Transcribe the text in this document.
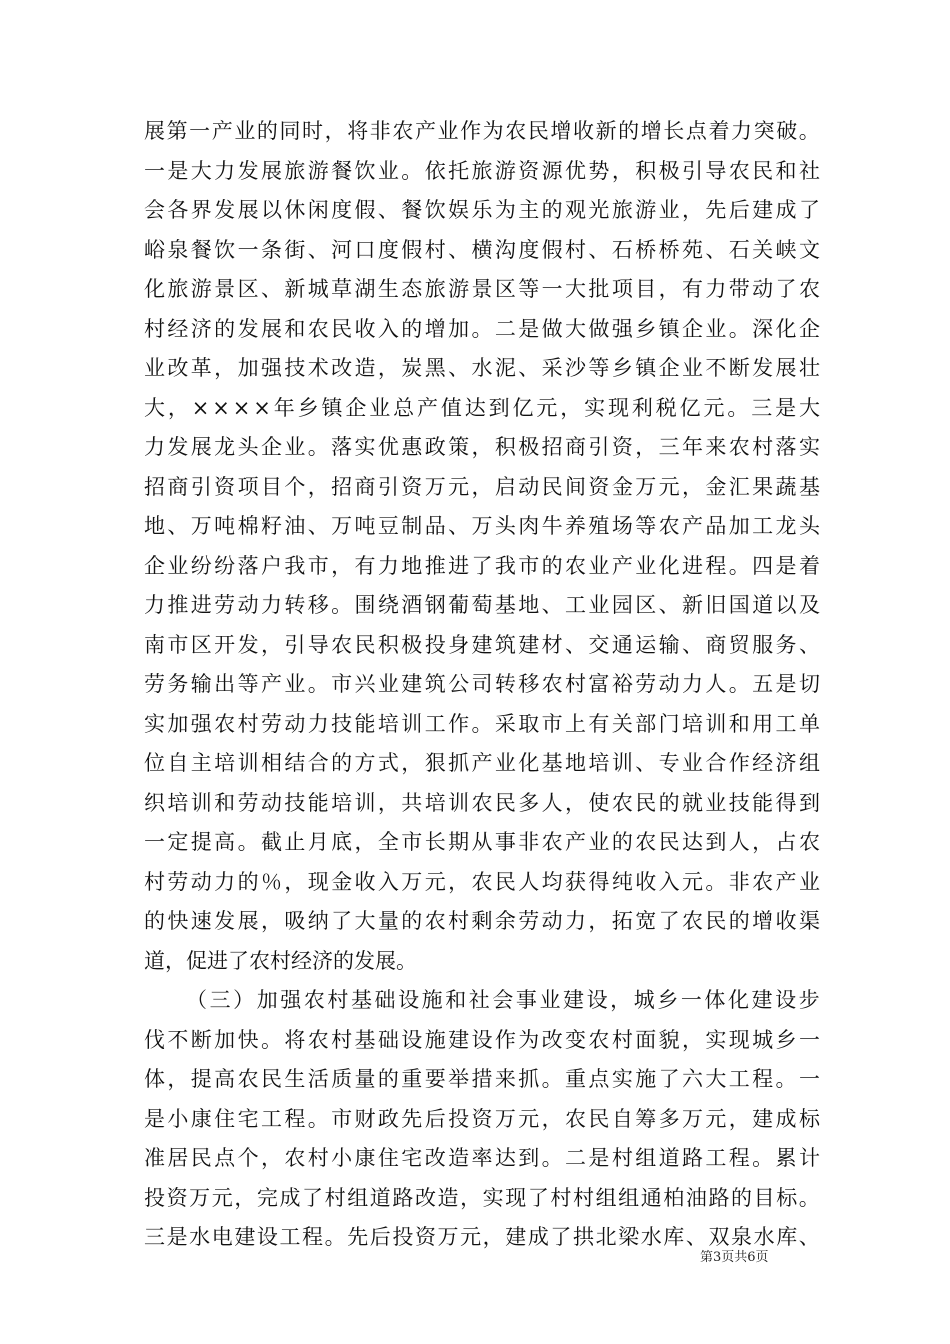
展 第 一 产 业 的 同 时 ， 将 非 农 产 业 作 为 农 民 增 收 新 的 增 长 点 着 力 突 破 。
一 是 大 力 发 展 旅 游 餐 饮 业 。 依 托 旅 游 资 源 优 势 ， 积 极 引 导 农 民 和 社
会 各 界 发 展 以 休 闲 度 假 、 餐 饮 娱 乐 为 主 的 观 光 旅 游 业 ， 先 后 建 成 了
峪 泉 餐 饮 一 条 街 、 河 口 度 假 村 、 横 沟 度 假 村 、 石 桥 桥 苑 、 石 关 峡 文
化 旅 游 景 区 、 新 城 草 湖 生 态 旅 游 景 区 等 一 大 批 项 目 ， 有 力 带 动 了 农
村 经 济 的 发 展 和 农 民 收 入 的 增 加 。 二 是 做 大 做 强 乡 镇 企 业 。 深 化 企
业 改 革 ， 加 强 技 术 改 造 ， 炭 黑 、 水 泥 、 采 沙 等 乡 镇 企 业 不 断 发 展 壮
大 ， × × × × 年 乡 镇 企 业 总 产 值 达 到 亿 元 ， 实 现 利 税 亿 元 。 三 是 大
力 发 展 龙 头 企 业 。 落 实 优 惠 政 策 ， 积 极 招 商 引 资 ， 三 年 来 农 村 落 实
招 商 引 资 项 目 个 ， 招 商 引 资 万 元 ， 启 动 民 间 资 金 万 元 ， 金 汇 果 蔬 基
地 、 万 吨 棉 籽 油 、 万 吨 豆 制 品 、 万 头 肉 牛 养 殖 场 等 农 产 品 加 工 龙 头
企 业 纷 纷 落 户 我 市 ， 有 力 地 推 进 了 我 市 的 农 业 产 业 化 进 程 。 四 是 着
力 推 进 劳 动 力 转 移 。 围 绕 酒 钢 葡 萄 基 地 、 工 业 园 区 、 新 旧 国 道 以 及
南 市 区 开 发 ， 引 导 农 民 积 极 投 身 建 筑 建 材 、 交 通 运 输 、 商 贸 服 务 、
劳 务 输 出 等 产 业 。 市 兴 业 建 筑 公 司 转 移 农 村 富 裕 劳 动 力 人 。 五 是 切
实 加 强 农 村 劳 动 力 技 能 培 训 工 作 。 采 取 市 上 有 关 部 门 培 训 和 用 工 单
位 自 主 培 训 相 结 合 的 方 式 ， 狠 抓 产 业 化 基 地 培 训 、 专 业 合 作 经 济 组
织 培 训 和 劳 动 技 能 培 训 ， 共 培 训 农 民 多 人 ， 使 农 民 的 就 业 技 能 得 到
一 定 提 高 。 截 止 月 底 ， 全 市 长 期 从 事 非 农 产 业 的 农 民 达 到 人 ， 占 农
村 劳 动 力 的 ％ ， 现 金 收 入 万 元 ， 农 民 人 均 获 得 纯 收 入 元 。 非 农 产 业
的 快 速 发 展 ， 吸 纳 了 大 量 的 农 村 剩 余 劳 动 力 ， 拓 宽 了 农 民 的 增 收 渠
道，促进了农村经济的发展。
（ 三 ） 加 强 农 村 基 础 设 施 和 社 会 事 业 建 设 ， 城 乡 一 体 化 建 设 步
伐 不 断 加 快 。 将 农 村 基 础 设 施 建 设 作 为 改 变 农 村 面 貌 ， 实 现 城 乡 一
体 ， 提 高 农 民 生 活 质 量 的 重 要 举 措 来 抓 。 重 点 实 施 了 六 大 工 程 。 一
是 小 康 住 宅 工 程 。 市 财 政 先 后 投 资 万 元 ， 农 民 自 筹 多 万 元 ， 建 成 标
准 居 民 点 个 ， 农 村 小 康 住 宅 改 造 率 达 到 。 二 是 村 组 道 路 工 程 。 累 计
投 资 万 元 ， 完 成 了 村 组 道 路 改 造 ， 实 现 了 村 村 组 组 通 柏 油 路 的 目 标 。
三 是 水 电 建 设 工 程 。 先 后 投 资 万 元 ， 建 成 了 拱 北 梁 水 库 、 双 泉 水 库 、
第3页共6页
